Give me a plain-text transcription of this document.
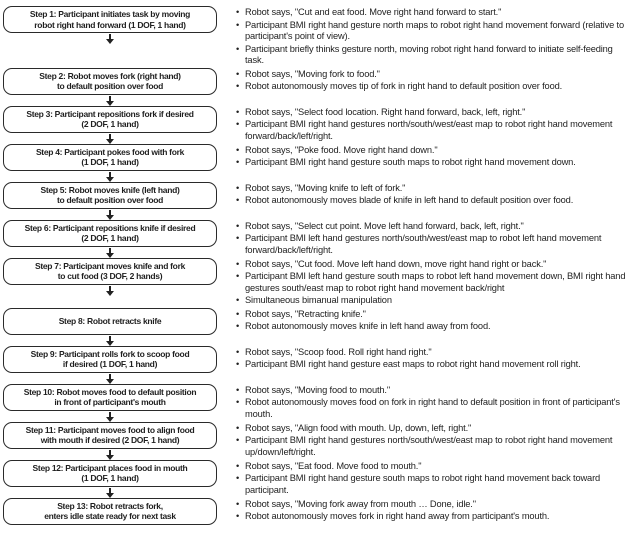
Step 1: Participant initiates task by moving
robot right hand forward (1 DOF, 1 hand)
• Robot says, "Cut and eat food. Move right hand forward to start."
• Participant BMI right hand gesture north maps to robot right hand movement forward (relative to participant's point of view).
• Participant briefly thinks gesture north, moving robot right hand forward to initiate self-feeding task.
Step 2: Robot moves fork (right hand)
to default position over food
• Robot says, "Moving fork to food."
• Robot autonomously moves tip of fork in right hand to default position over food.
Step 3: Participant repositions fork if desired
(2 DOF, 1 hand)
• Robot says, "Select food location. Right hand forward, back, left, right."
• Participant BMI right hand gestures north/south/west/east map to robot right hand movement forward/back/left/right.
Step 4: Participant pokes food with fork
(1 DOF, 1 hand)
• Robot says, "Poke food. Move right hand down."
• Participant BMI right hand gesture south maps to robot right hand movement down.
Step 5: Robot moves knife (left hand)
to default position over food
• Robot says, "Moving knife to left of fork."
• Robot autonomously moves blade of knife in left hand to default position over food.
Step 6: Participant repositions knife if desired
(2 DOF, 1 hand)
• Robot says, "Select cut point. Move left hand forward, back, left, right."
• Participant BMI left hand gestures north/south/west/east map to robot left hand movement forward/back/left/right.
Step 7: Participant moves knife and fork
to cut food (3 DOF, 2 hands)
• Robot says, "Cut food. Move left hand down, move right hand right or back."
• Participant BMI left hand gesture south maps to robot left hand movement down, BMI right hand gestures south/east map to robot right hand movement back/right
• Simultaneous bimanual manipulation
Step 8: Robot retracts knife
• Robot says, "Retracting knife."
• Robot autonomously moves knife in left hand away from food.
Step 9: Participant rolls fork to scoop food
if desired (1 DOF, 1 hand)
• Robot says, "Scoop food. Roll right hand right."
• Participant BMI right hand gesture east maps to robot right hand movement roll right.
Step 10: Robot moves food to default position
in front of participant's mouth
• Robot says, "Moving food to mouth."
• Robot autonomously moves food on fork in right hand to default position in front of participant's mouth.
Step 11: Participant moves food to align food
with mouth if desired (2 DOF, 1 hand)
• Robot says, "Align food with mouth. Up, down, left, right."
• Participant BMI right hand gestures north/south/west/east map to robot right hand movement up/down/left/right.
Step 12: Participant places food in mouth
(1 DOF, 1 hand)
• Robot says, "Eat food. Move food to mouth."
• Participant BMI right hand gesture south maps to robot right hand movement back toward participant.
Step 13: Robot retracts fork,
enters idle state ready for next task
• Robot says, "Moving fork away from mouth … Done, idle."
• Robot autonomously moves fork in right hand away from participant's mouth.
